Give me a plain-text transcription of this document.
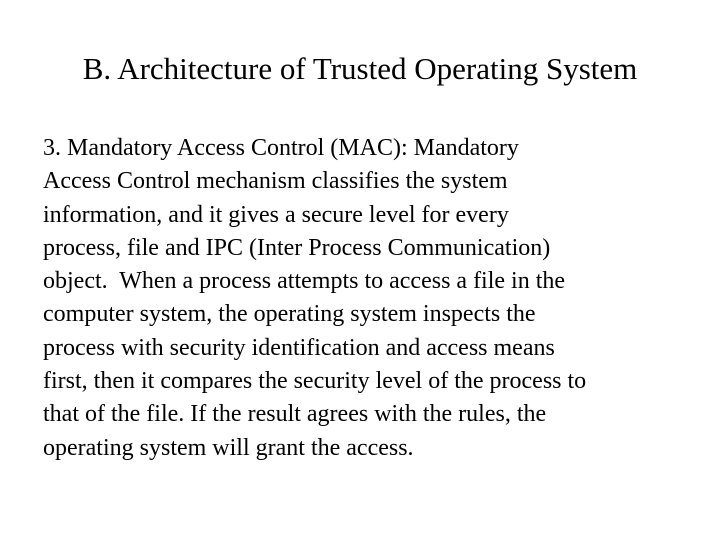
B. Architecture of Trusted Operating System
3. Mandatory Access Control (MAC): Mandatory
Access Control mechanism classifies the system
information, and it gives a secure level for every
process, file and IPC (Inter Process Communication)
object.  When a process attempts to access a file in the
computer system, the operating system inspects the
process with security identification and access means
first, then it compares the security level of the process to
that of the file. If the result agrees with the rules, the
operating system will grant the access.
